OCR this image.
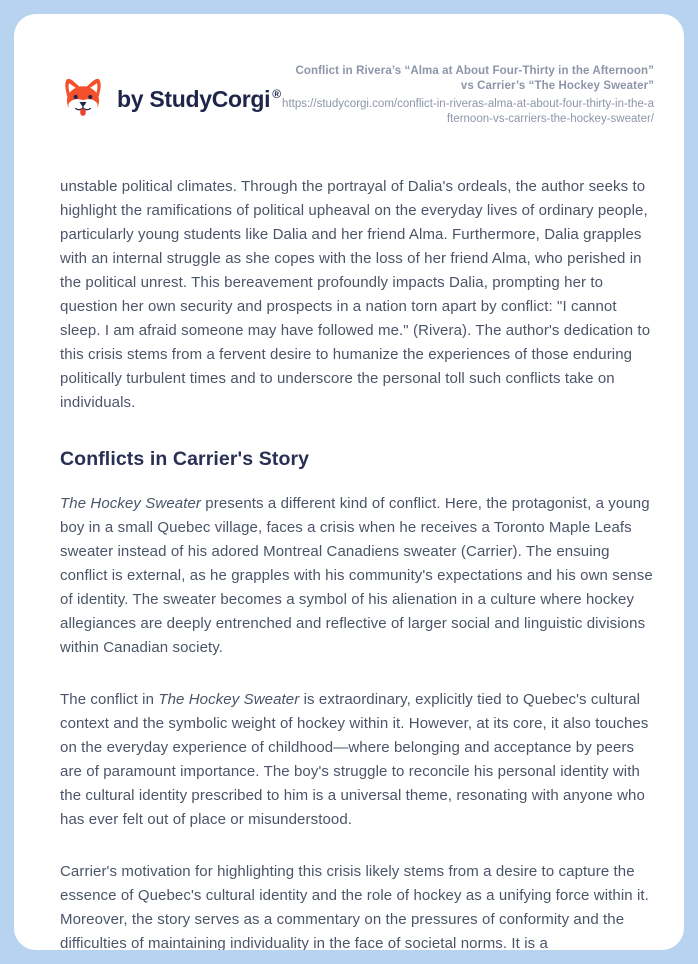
by StudyCorgi ®
Conflict in Rivera’s “Alma at About Four-Thirty in the Afternoon” vs Carrier’s “The Hockey Sweater”
https://studycorgi.com/conflict-in-riveras-alma-at-about-four-thirty-in-the-afternoon-vs-carriers-the-hockey-sweater/

unstable political climates. Through the portrayal of Dalia's ordeals, the author seeks to highlight the ramifications of political upheaval on the everyday lives of ordinary people, particularly young students like Dalia and her friend Alma. Furthermore, Dalia grapples with an internal struggle as she copes with the loss of her friend Alma, who perished in the political unrest. This bereavement profoundly impacts Dalia, prompting her to question her own security and prospects in a nation torn apart by conflict: "I cannot sleep. I am afraid someone may have followed me." (Rivera). The author's dedication to this crisis stems from a fervent desire to humanize the experiences of those enduring politically turbulent times and to underscore the personal toll such conflicts take on individuals.

Conflicts in Carrier's Story

The Hockey Sweater presents a different kind of conflict. Here, the protagonist, a young boy in a small Quebec village, faces a crisis when he receives a Toronto Maple Leafs sweater instead of his adored Montreal Canadiens sweater (Carrier). The ensuing conflict is external, as he grapples with his community's expectations and his own sense of identity. The sweater becomes a symbol of his alienation in a culture where hockey allegiances are deeply entrenched and reflective of larger social and linguistic divisions within Canadian society.

The conflict in The Hockey Sweater is extraordinary, explicitly tied to Quebec's cultural context and the symbolic weight of hockey within it. However, at its core, it also touches on the everyday experience of childhood—where belonging and acceptance by peers are of paramount importance. The boy's struggle to reconcile his personal identity with the cultural identity prescribed to him is a universal theme, resonating with anyone who has ever felt out of place or misunderstood.

Carrier's motivation for highlighting this crisis likely stems from a desire to capture the essence of Quebec's cultural identity and the role of hockey as a unifying force within it. Moreover, the story serves as a commentary on the pressures of conformity and the difficulties of maintaining individuality in the face of societal norms. It is a
